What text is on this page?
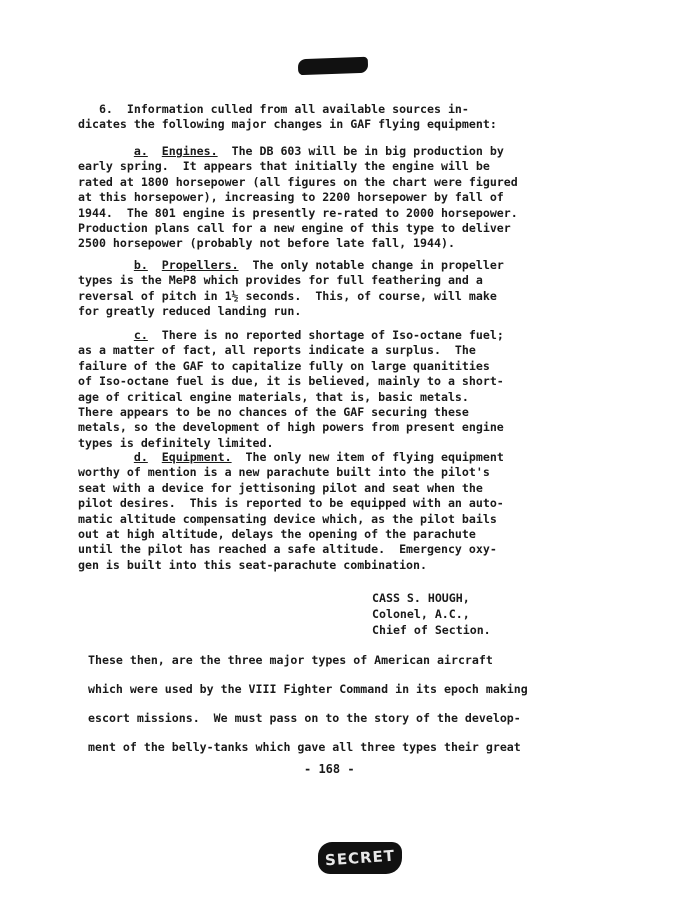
6.  Information culled from all available sources in-

dicates the following major changes in GAF flying equipment:

a. Engines.  The DB 603 will be in big production by

early spring.  It appears that initially the engine will be

rated at 1800 horsepower (all figures on the chart were figured

at this horsepower), increasing to 2200 horsepower by fall of

1944.  The 801 engine is presently re-rated to 2000 horsepower.

Production plans call for a new engine of this type to deliver

2500 horsepower (probably not before late fall, 1944).

b. Propellers.  The only notable change in propeller

types is the MeP8 which provides for full feathering and a

reversal of pitch in 1½ seconds.  This, of course, will make

for greatly reduced landing run.

c.  There is no reported shortage of Iso-octane fuel;

as a matter of fact, all reports indicate a surplus.  The

failure of the GAF to capitalize fully on large quanitities

of Iso-octane fuel is due, it is believed, mainly to a short-

age of critical engine materials, that is, basic metals.

There appears to be no chances of the GAF securing these

metals, so the development of high powers from present engine

types is definitely limited.

d. Equipment.  The only new item of flying equipment

worthy of mention is a new parachute built into the pilot's

seat with a device for jettisoning pilot and seat when the

pilot desires.  This is reported to be equipped with an auto-

matic altitude compensating device which, as the pilot bails

out at high altitude, delays the opening of the parachute

until the pilot has reached a safe altitude.  Emergency oxy-

gen is built into this seat-parachute combination.

CASS S. HOUGH,
Colonel, A.C.,
Chief of Section.
These then, are the three major types of American aircraft
which were used by the VIII Fighter Command in its epoch making
escort missions.  We must pass on to the story of the develop-
ment of the belly-tanks which gave all three types their great
- 168 -
SECRET
